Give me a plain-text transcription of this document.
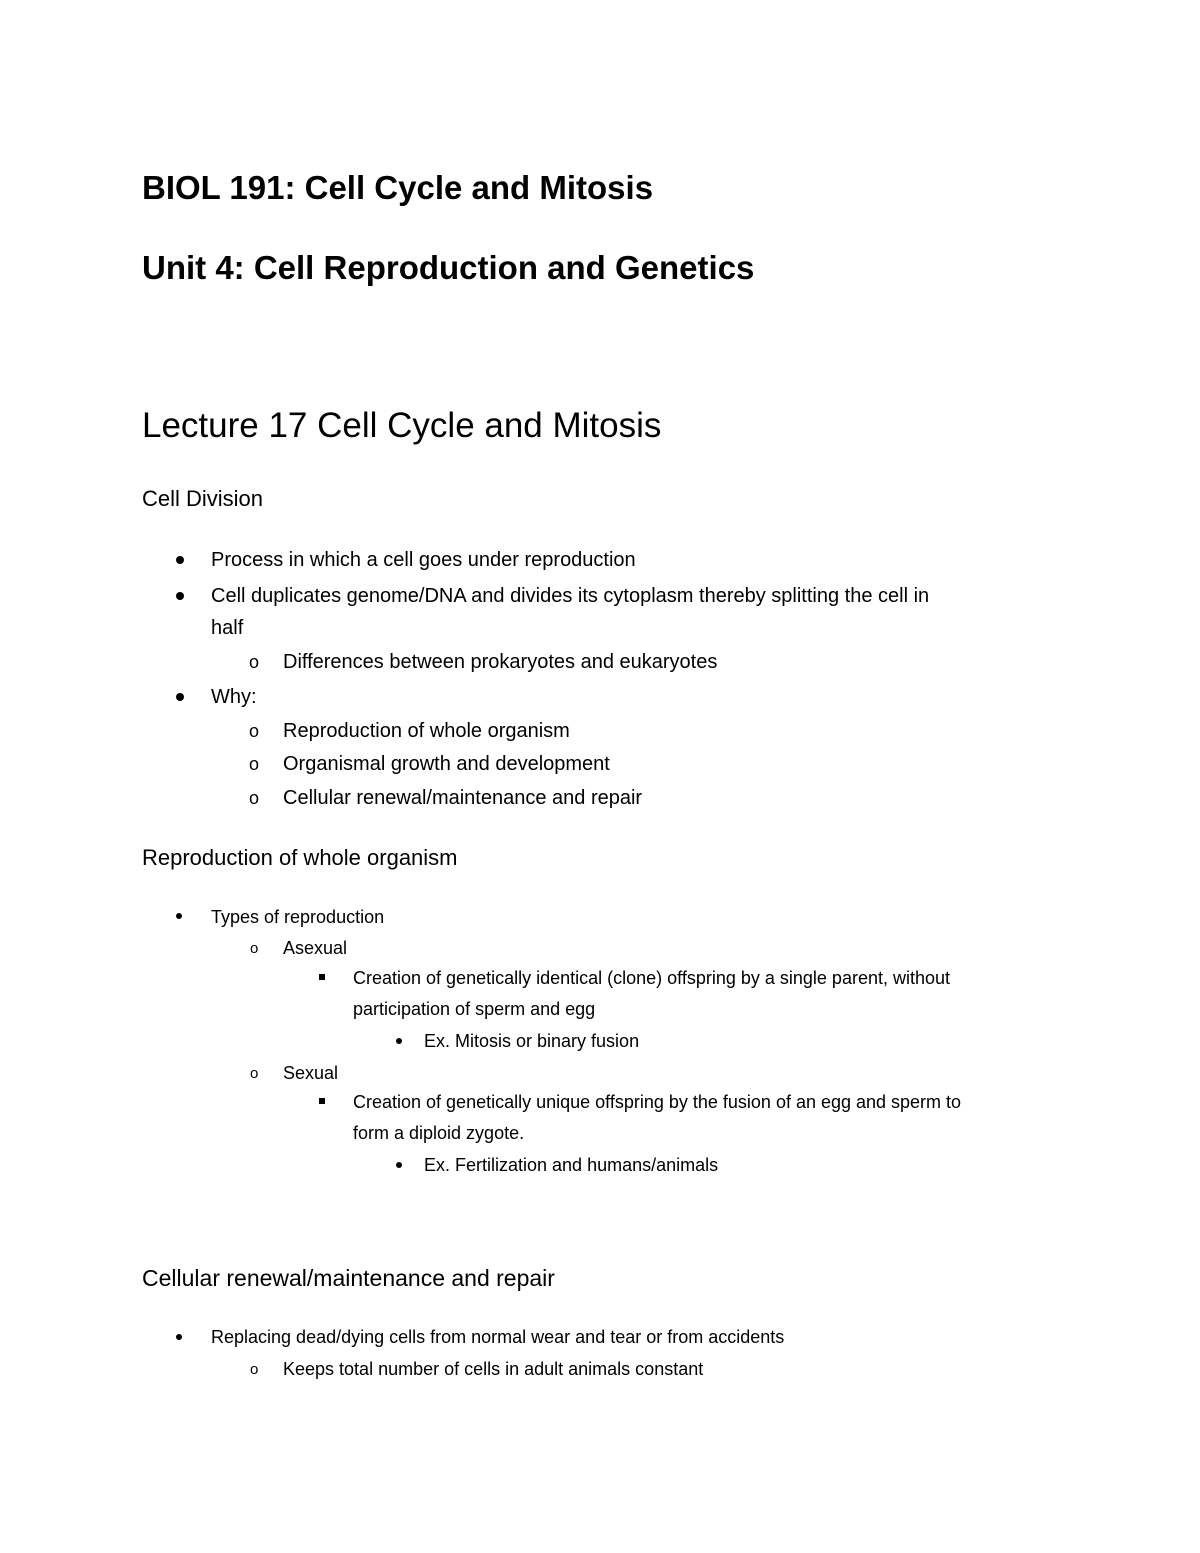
BIOL 191: Cell Cycle and Mitosis
Unit 4: Cell Reproduction and Genetics
Lecture 17 Cell Cycle and Mitosis
Cell Division
Process in which a cell goes under reproduction
Cell duplicates genome/DNA and divides its cytoplasm thereby splitting the cell in
half
o Differences between prokaryotes and eukaryotes
Why:
o Reproduction of whole organism
o Organismal growth and development
o Cellular renewal/maintenance and repair
Reproduction of whole organism
Types of reproduction
o Asexual
Creation of genetically identical (clone) offspring by a single parent, without
participation of sperm and egg
Ex. Mitosis or binary fusion
o Sexual
Creation of genetically unique offspring by the fusion of an egg and sperm to
form a diploid zygote.
Ex. Fertilization and humans/animals
Cellular renewal/maintenance and repair
Replacing dead/dying cells from normal wear and tear or from accidents
o Keeps total number of cells in adult animals constant
